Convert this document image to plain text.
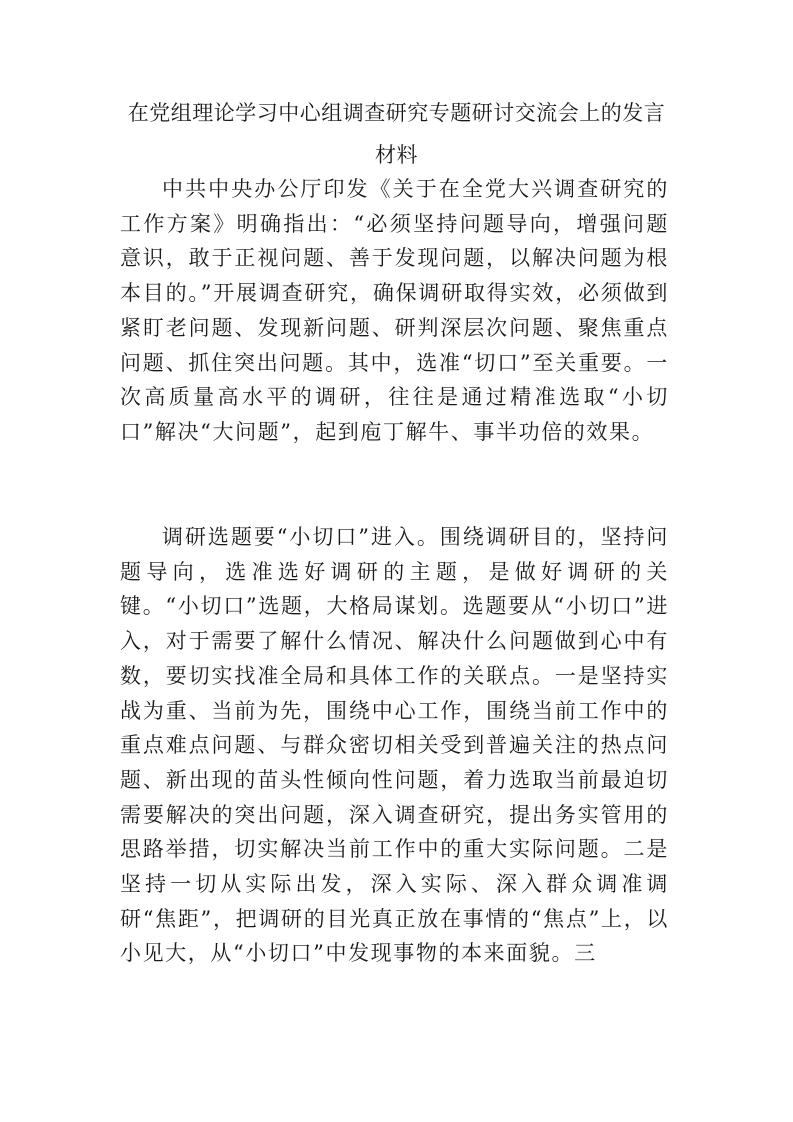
在党组理论学习中心组调查研究专题研讨交流会上的发言材料

中共中央办公厅印发《关于在全党大兴调查研究的工作方案》明确指出：“必须坚持问题导向，增强问题意识，敢于正视问题、善于发现问题，以解决问题为根本目的。”开展调查研究，确保调研取得实效，必须做到紧盯老问题、发现新问题、研判深层次问题、聚焦重点问题、抓住突出问题。其中，选准“切口”至关重要。一次高质量高水平的调研，往往是通过精准选取“小切口”解决“大问题”，起到庖丁解牛、事半功倍的效果。

调研选题要“小切口”进入。围绕调研目的，坚持问题导向，选准选好调研的主题，是做好调研的关键。“小切口”选题，大格局谋划。选题要从“小切口”进入，对于需要了解什么情况、解决什么问题做到心中有数，要切实找准全局和具体工作的关联点。一是坚持实战为重、当前为先，围绕中心工作，围绕当前工作中的重点难点问题、与群众密切相关受到普遍关注的热点问题、新出现的苗头性倾向性问题，着力选取当前最迫切需要解决的突出问题，深入调查研究，提出务实管用的思路举措，切实解决当前工作中的重大实际问题。二是坚持一切从实际出发，深入实际、深入群众调准调研“焦距”，把调研的目光真正放在事情的“焦点”上，以小见大，从“小切口”中发现事物的本来面貌。三
